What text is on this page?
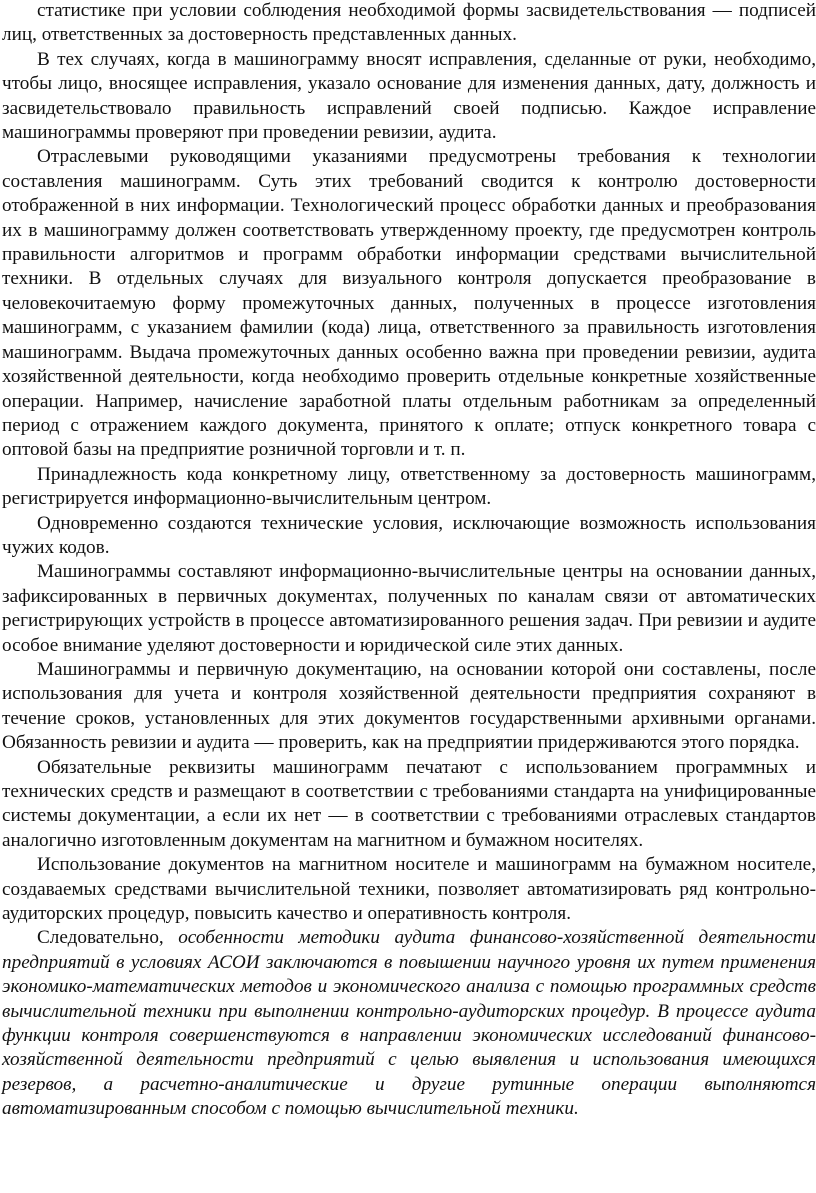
статистике при условии соблюдения необходимой формы засвидетельствования — подписей лиц, ответственных за достоверность представленных данных.

В тех случаях, когда в машинограмму вносят исправления, сделанные от руки, необходимо, чтобы лицо, вносящее исправления, указало основание для изменения данных, дату, должность и засвидетельствовало правильность исправлений своей подписью. Каждое исправление машинограммы проверяют при проведении ревизии, аудита.

Отраслевыми руководящими указаниями предусмотрены требования к технологии составления машинограмм. Суть этих требований сводится к контролю достоверности отображенной в них информации. Технологический процесс обработки данных и преобразования их в машинограмму должен соответствовать утвержденному проекту, где предусмотрен контроль правильности алгоритмов и программ обработки информации средствами вычислительной техники. В отдельных случаях для визуального контроля допускается преобразование в человекочитаемую форму промежуточных данных, полученных в процессе изготовления машинограмм, с указанием фамилии (кода) лица, ответственного за правильность изготовления машинограмм. Выдача промежуточных данных особенно важна при проведении ревизии, аудита хозяйственной деятельности, когда необходимо проверить отдельные конкретные хозяйственные операции. Например, начисление заработной платы отдельным работникам за определенный период с отражением каждого документа, принятого к оплате; отпуск конкретного товара с оптовой базы на предприятие розничной торговли и т. п.

Принадлежность кода конкретному лицу, ответственному за достоверность машинограмм, регистрируется информационно-вычислительным центром.

Одновременно создаются технические условия, исключающие возможность использования чужих кодов.

Машинограммы составляют информационно-вычислительные центры на основании данных, зафиксированных в первичных документах, полученных по каналам связи от автоматических регистрирующих устройств в процессе автоматизированного решения задач. При ревизии и аудите особое внимание уделяют достоверности и юридической силе этих данных.

Машинограммы и первичную документацию, на основании которой они составлены, после использования для учета и контроля хозяйственной деятельности предприятия сохраняют в течение сроков, установленных для этих документов государственными архивными органами. Обязанность ревизии и аудита — проверить, как на предприятии придерживаются этого порядка.

Обязательные реквизиты машинограмм печатают с использованием программных и технических средств и размещают в соответствии с требованиями стандарта на унифицированные системы документации, а если их нет — в соответствии с требованиями отраслевых стандартов аналогично изготовленным документам на магнитном и бумажном носителях.

Использование документов на магнитном носителе и машинограмм на бумажном носителе, создаваемых средствами вычислительной техники, позволяет автоматизировать ряд контрольно-аудиторских процедур, повысить качество и оперативность контроля.

Следовательно, особенности методики аудита финансово-хозяйственной деятельности предприятий в условиях АСОИ заключаются в повышении научного уровня их путем применения экономико-математических методов и экономического анализа с помощью программных средств вычислительной техники при выполнении контрольно-аудиторских процедур. В процессе аудита функции контроля совершенствуются в направлении экономических исследований финансово-хозяйственной деятельности предприятий с целью выявления и использования имеющихся резервов, а расчетно-аналитические и другие рутинные операции выполняются автоматизированным способом с помощью вычислительной техники.
